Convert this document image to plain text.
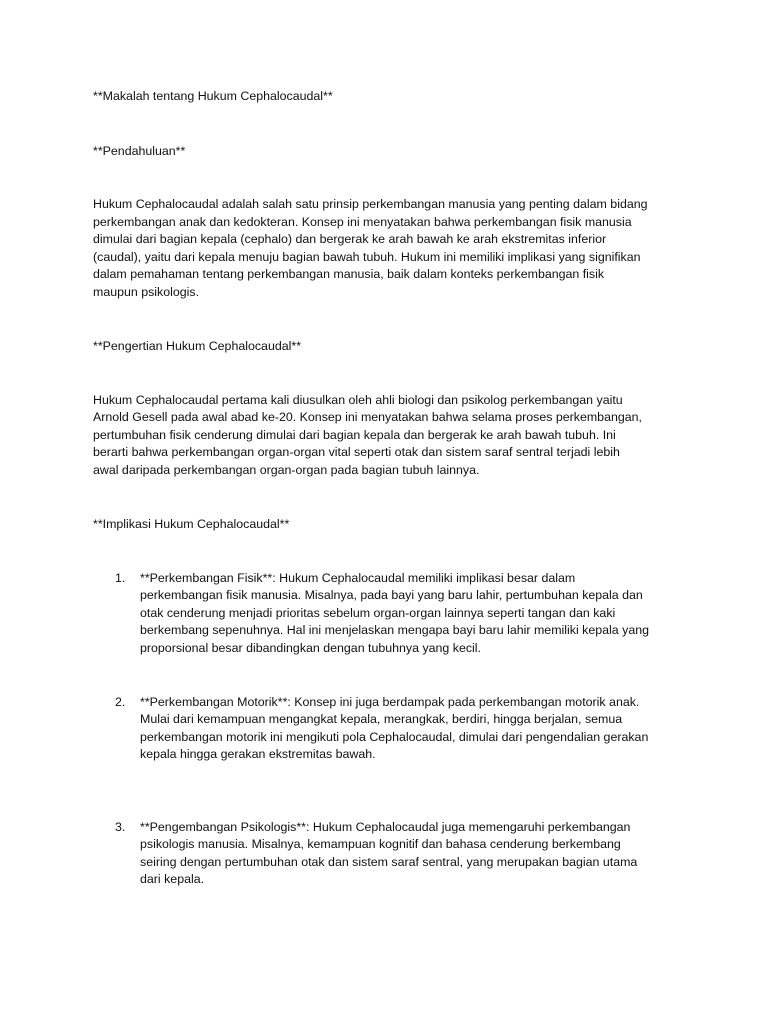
**Makalah tentang Hukum Cephalocaudal**

**Pendahuluan**

Hukum Cephalocaudal adalah salah satu prinsip perkembangan manusia yang penting dalam bidang

perkembangan anak dan kedokteran. Konsep ini menyatakan bahwa perkembangan fisik manusia

dimulai dari bagian kepala (cephalo) dan bergerak ke arah bawah ke arah ekstremitas inferior

(caudal), yaitu dari kepala menuju bagian bawah tubuh. Hukum ini memiliki implikasi yang signifikan

dalam pemahaman tentang perkembangan manusia, baik dalam konteks perkembangan fisik

maupun psikologis.

**Pengertian Hukum Cephalocaudal**

Hukum Cephalocaudal pertama kali diusulkan oleh ahli biologi dan psikolog perkembangan yaitu

Arnold Gesell pada awal abad ke-20. Konsep ini menyatakan bahwa selama proses perkembangan,

pertumbuhan fisik cenderung dimulai dari bagian kepala dan bergerak ke arah bawah tubuh. Ini

berarti bahwa perkembangan organ-organ vital seperti otak dan sistem saraf sentral terjadi lebih

awal daripada perkembangan organ-organ pada bagian tubuh lainnya.

**Implikasi Hukum Cephalocaudal**

1. **Perkembangan Fisik**: Hukum Cephalocaudal memiliki implikasi besar dalam

perkembangan fisik manusia. Misalnya, pada bayi yang baru lahir, pertumbuhan kepala dan

otak cenderung menjadi prioritas sebelum organ-organ lainnya seperti tangan dan kaki

berkembang sepenuhnya. Hal ini menjelaskan mengapa bayi baru lahir memiliki kepala yang

proporsional besar dibandingkan dengan tubuhnya yang kecil.

2. **Perkembangan Motorik**: Konsep ini juga berdampak pada perkembangan motorik anak.

Mulai dari kemampuan mengangkat kepala, merangkak, berdiri, hingga berjalan, semua

perkembangan motorik ini mengikuti pola Cephalocaudal, dimulai dari pengendalian gerakan

kepala hingga gerakan ekstremitas bawah.

3. **Pengembangan Psikologis**: Hukum Cephalocaudal juga memengaruhi perkembangan

psikologis manusia. Misalnya, kemampuan kognitif dan bahasa cenderung berkembang

seiring dengan pertumbuhan otak dan sistem saraf sentral, yang merupakan bagian utama

dari kepala.
